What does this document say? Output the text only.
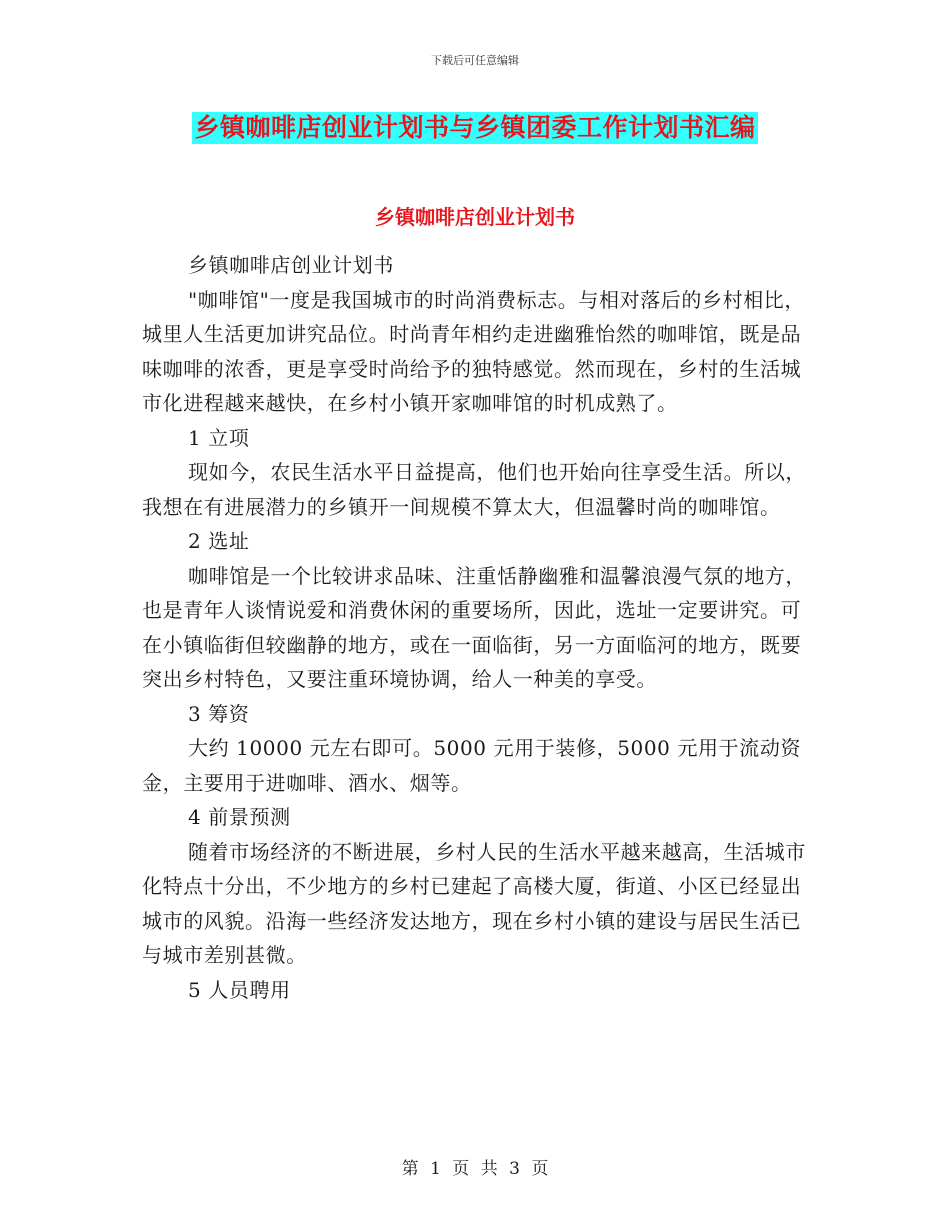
下载后可任意编辑
乡镇咖啡店创业计划书与乡镇团委工作计划书汇编
乡镇咖啡店创业计划书

乡镇咖啡店创业计划书

"咖啡馆"一度是我国城市的时尚消费标志。与相对落后的乡村相比，城里人生活更加讲究品位。时尚青年相约走进幽雅怡然的咖啡馆，既是品味咖啡的浓香，更是享受时尚给予的独特感觉。然而现在，乡村的生活城市化进程越来越快，在乡村小镇开家咖啡馆的时机成熟了。

1 立项

现如今，农民生活水平日益提高，他们也开始向往享受生活。所以，我想在有进展潜力的乡镇开一间规模不算太大，但温馨时尚的咖啡馆。

2 选址

咖啡馆是一个比较讲求品味、注重恬静幽雅和温馨浪漫气氛的地方，也是青年人谈情说爱和消费休闲的重要场所，因此，选址一定要讲究。可在小镇临街但较幽静的地方，或在一面临街，另一方面临河的地方，既要突出乡村特色，又要注重环境协调，给人一种美的享受。

3 筹资

大约 10000 元左右即可。5000 元用于装修，5000 元用于流动资金，主要用于进咖啡、酒水、烟等。

4 前景预测

随着市场经济的不断进展，乡村人民的生活水平越来越高，生活城市化特点十分出，不少地方的乡村已建起了高楼大厦，街道、小区已经显出城市的风貌。沿海一些经济发达地方，现在乡村小镇的建设与居民生活已与城市差别甚微。

5 人员聘用

第 1 页 共 3 页
